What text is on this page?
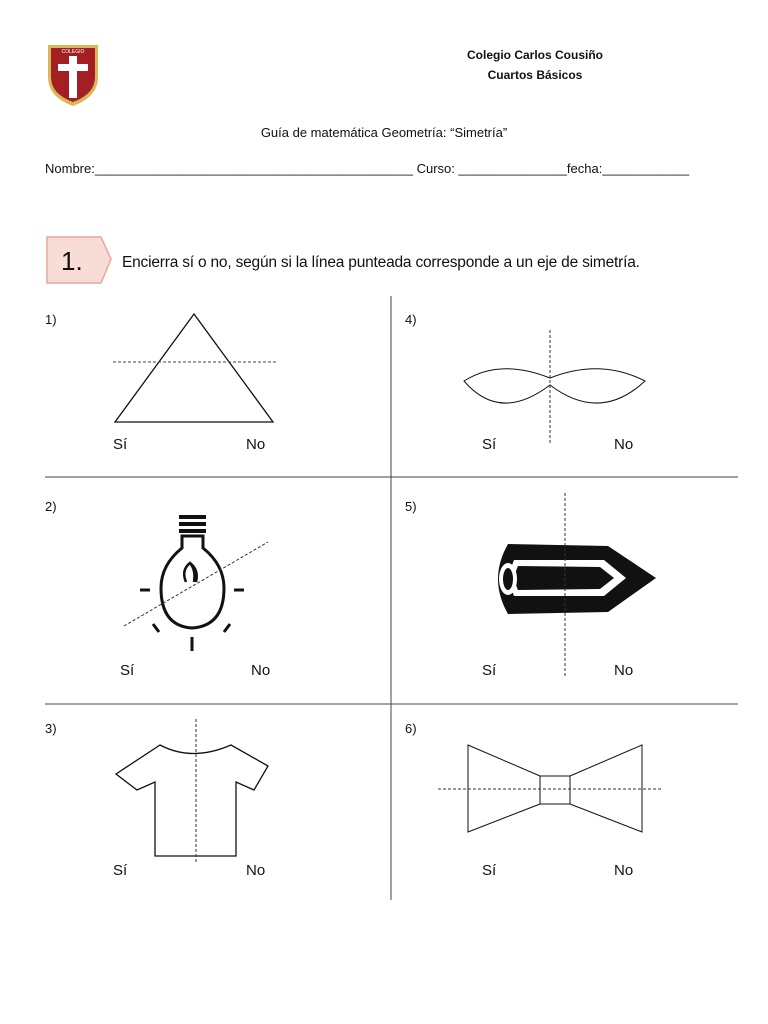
COLEGIO	Colegio Carlos Cousiño
Cuartos Básicos
Guía de matemática Geometría: “Simetría”
Nombre:____________________________________________ Curso: _______________fecha:____________
1.	Encierra sí o no, según si la línea punteada corresponde a un eje de simetría.
1)
2)
3)
4)
5)
6)
Sí	No
Sí	No
Sí	No
Sí	No
Sí	No
Sí	No
